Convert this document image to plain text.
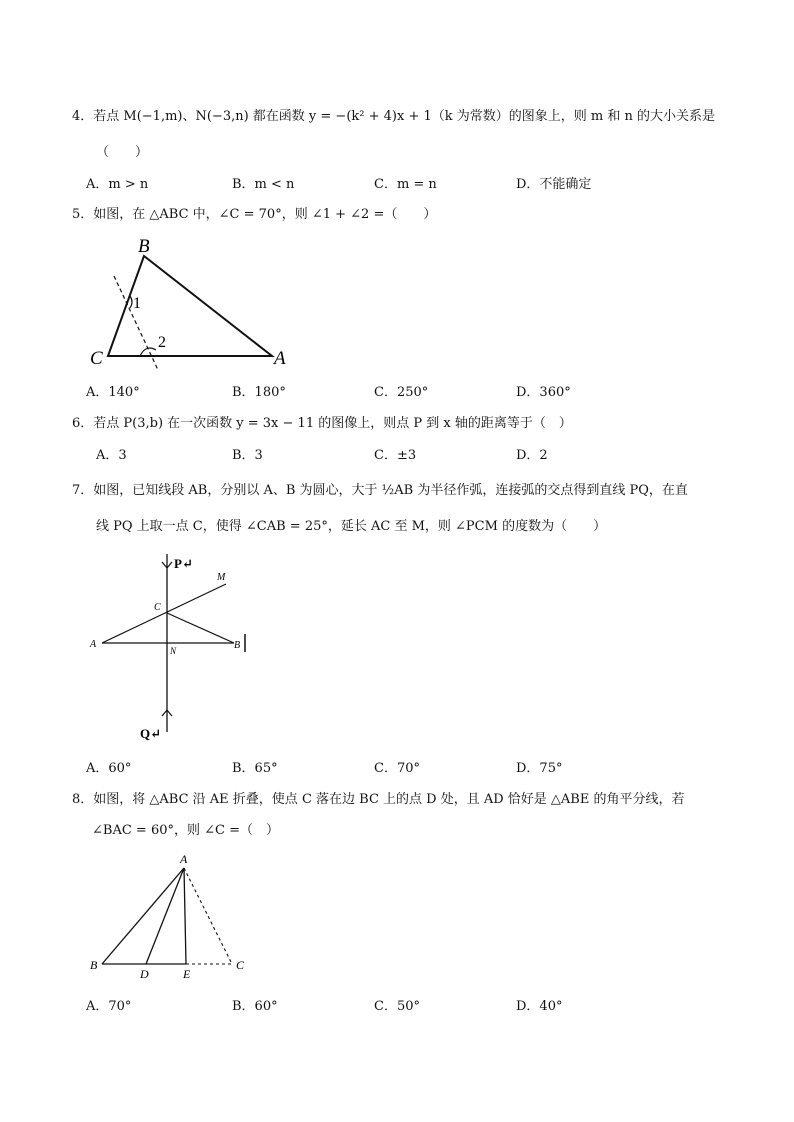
4．若点 M(−1,m)、N(−3,n) 都在函数 y = −(k² + 4)x + 1（k 为常数）的图象上，则 m 和 n 的大小关系是
（　　）
A．m > n	B．m < n	C．m = n	D．不能确定
5．如图，在 △ABC 中，∠C = 70°，则 ∠1 + ∠2 =（　　）
B
C	A
1
2
A．140°	B．180°	C．250°	D．360°
6．若点 P(3,b) 在一次函数 y = 3x − 11 的图像上，则点 P 到 x 轴的距离等于（　）
A．3	B．3	C．±3	D．2
7．如图，已知线段 AB，分别以 A、B 为圆心，大于 ½AB 为半径作弧，连接弧的交点得到直线 PQ，在直
线 PQ 上取一点 C，使得 ∠CAB = 25°，延长 AC 至 M，则 ∠PCM 的度数为（　　）
P↵
M
C
A
N	B
Q↵
A．60°	B．65°	C．70°	D．75°
8．如图，将 △ABC 沿 AE 折叠，使点 C 落在边 BC 上的点 D 处，且 AD 恰好是 △ABE 的角平分线，若
∠BAC = 60°，则 ∠C =（　）
A
B
D	E
C
A．70°	B．60°	C．50°	D．40°
